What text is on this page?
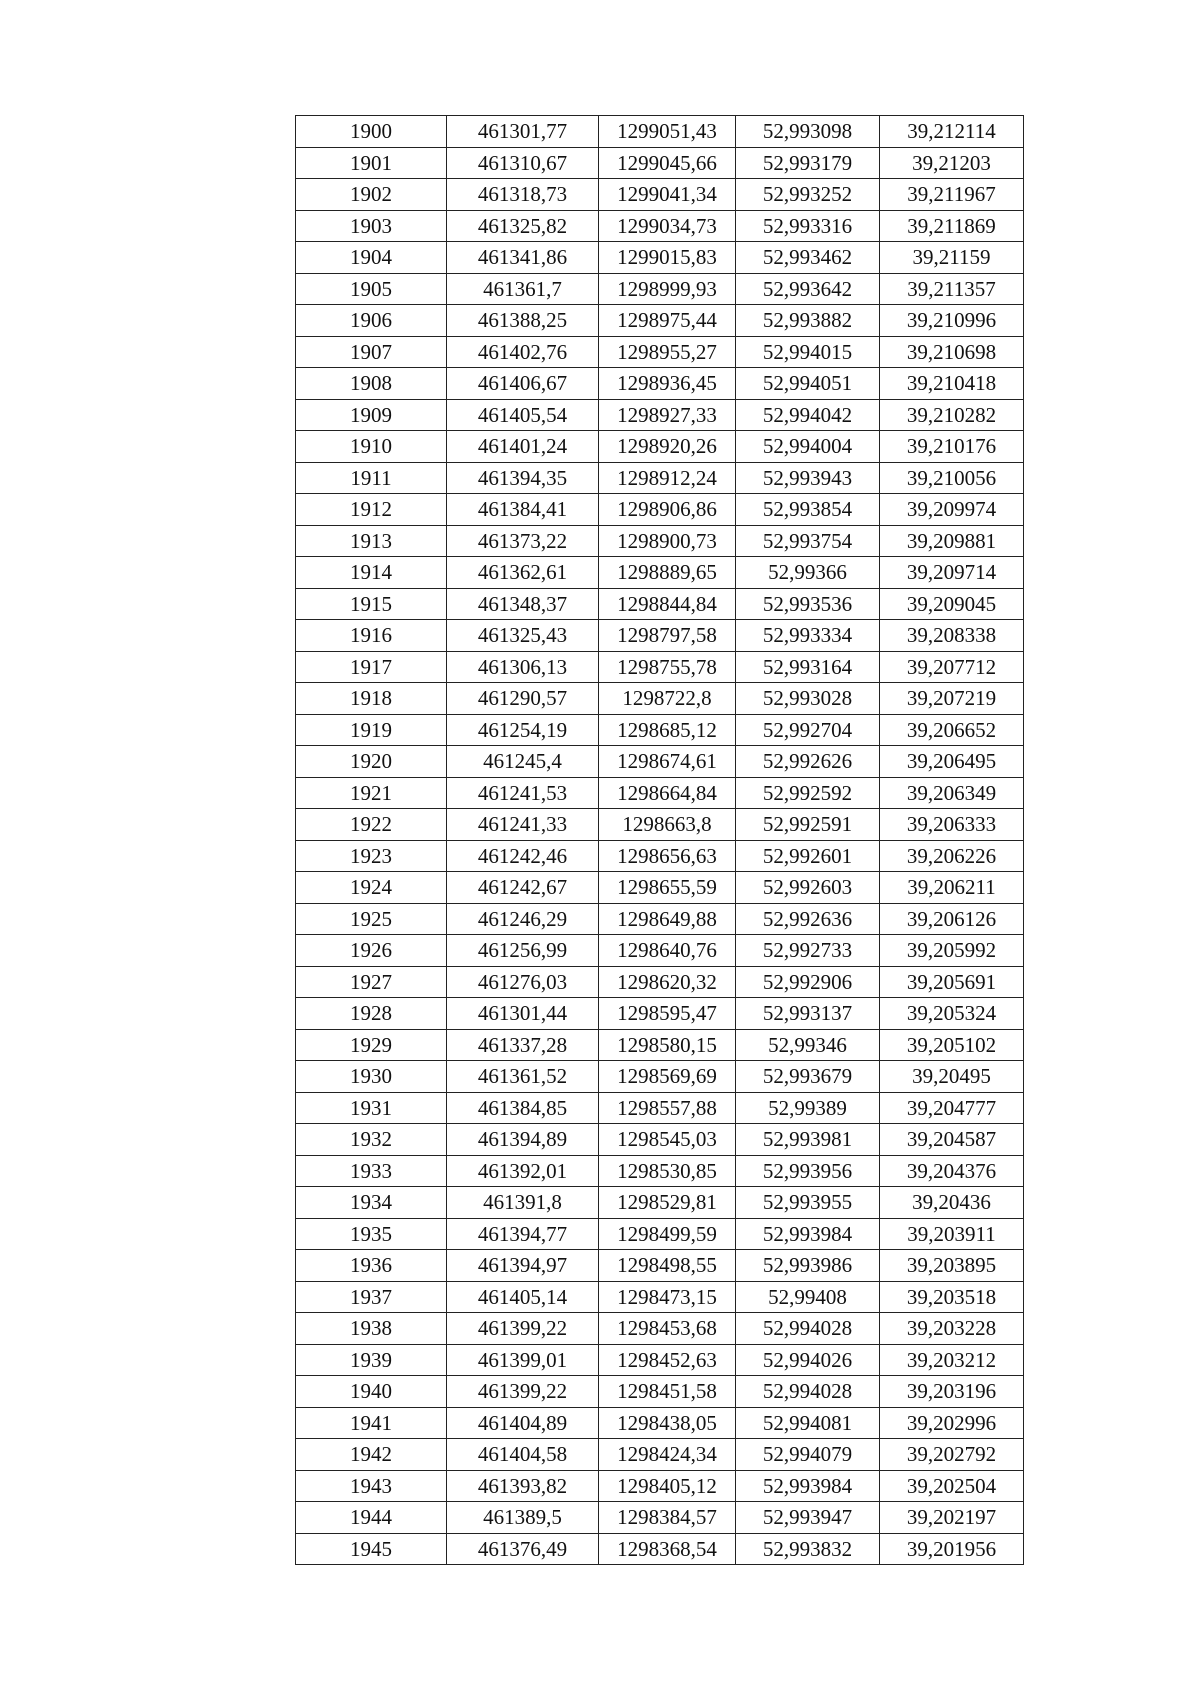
1900	461301,77	1299051,43	52,993098	39,212114
1901	461310,67	1299045,66	52,993179	39,21203
1902	461318,73	1299041,34	52,993252	39,211967
1903	461325,82	1299034,73	52,993316	39,211869
1904	461341,86	1299015,83	52,993462	39,21159
1905	461361,7	1298999,93	52,993642	39,211357
1906	461388,25	1298975,44	52,993882	39,210996
1907	461402,76	1298955,27	52,994015	39,210698
1908	461406,67	1298936,45	52,994051	39,210418
1909	461405,54	1298927,33	52,994042	39,210282
1910	461401,24	1298920,26	52,994004	39,210176
1911	461394,35	1298912,24	52,993943	39,210056
1912	461384,41	1298906,86	52,993854	39,209974
1913	461373,22	1298900,73	52,993754	39,209881
1914	461362,61	1298889,65	52,99366	39,209714
1915	461348,37	1298844,84	52,993536	39,209045
1916	461325,43	1298797,58	52,993334	39,208338
1917	461306,13	1298755,78	52,993164	39,207712
1918	461290,57	1298722,8	52,993028	39,207219
1919	461254,19	1298685,12	52,992704	39,206652
1920	461245,4	1298674,61	52,992626	39,206495
1921	461241,53	1298664,84	52,992592	39,206349
1922	461241,33	1298663,8	52,992591	39,206333
1923	461242,46	1298656,63	52,992601	39,206226
1924	461242,67	1298655,59	52,992603	39,206211
1925	461246,29	1298649,88	52,992636	39,206126
1926	461256,99	1298640,76	52,992733	39,205992
1927	461276,03	1298620,32	52,992906	39,205691
1928	461301,44	1298595,47	52,993137	39,205324
1929	461337,28	1298580,15	52,99346	39,205102
1930	461361,52	1298569,69	52,993679	39,20495
1931	461384,85	1298557,88	52,99389	39,204777
1932	461394,89	1298545,03	52,993981	39,204587
1933	461392,01	1298530,85	52,993956	39,204376
1934	461391,8	1298529,81	52,993955	39,20436
1935	461394,77	1298499,59	52,993984	39,203911
1936	461394,97	1298498,55	52,993986	39,203895
1937	461405,14	1298473,15	52,99408	39,203518
1938	461399,22	1298453,68	52,994028	39,203228
1939	461399,01	1298452,63	52,994026	39,203212
1940	461399,22	1298451,58	52,994028	39,203196
1941	461404,89	1298438,05	52,994081	39,202996
1942	461404,58	1298424,34	52,994079	39,202792
1943	461393,82	1298405,12	52,993984	39,202504
1944	461389,5	1298384,57	52,993947	39,202197
1945	461376,49	1298368,54	52,993832	39,201956
